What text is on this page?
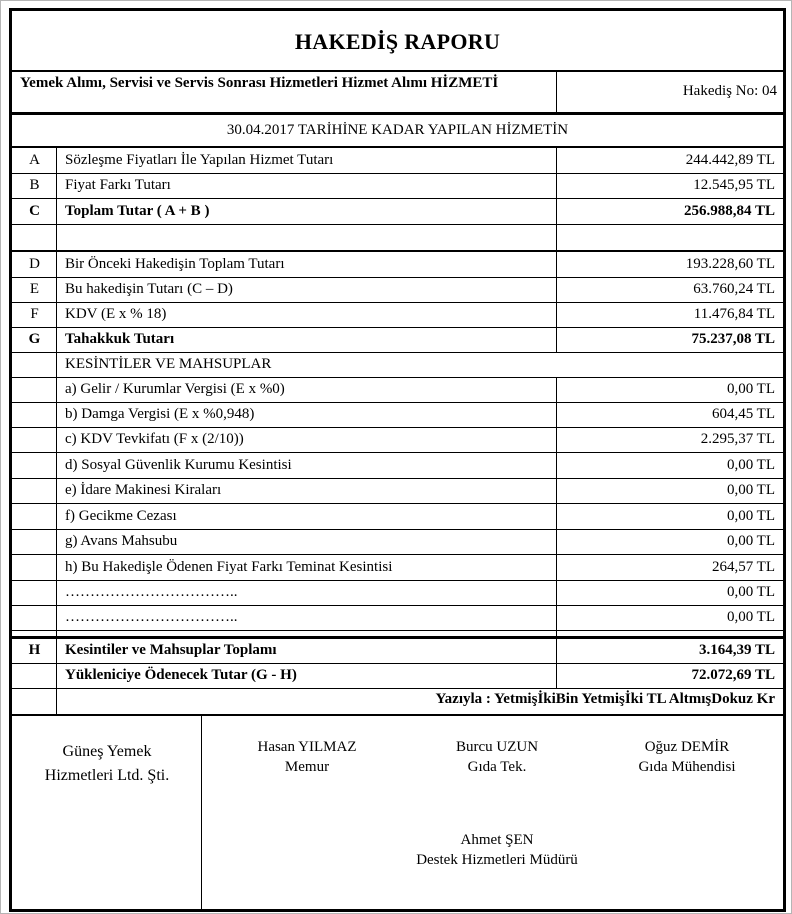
HAKEDİŞ RAPORU
Yemek Alımı, Servisi ve Servis Sonrası Hizmetleri Hizmet Alımı HİZMETİ	Hakediş No: 04
30.04.2017 TARİHİNE KADAR YAPILAN HİZMETİN
A	Sözleşme Fiyatları İle Yapılan Hizmet Tutarı	244.442,89 TL
B	Fiyat Farkı Tutarı	12.545,95 TL
C	Toplam Tutar ( A + B )	256.988,84 TL
D	Bir Önceki Hakedişin Toplam Tutarı	193.228,60 TL
E	Bu hakedişin Tutarı (C – D)	63.760,24 TL
F	KDV (E x % 18)	11.476,84 TL
G	Tahakkuk Tutarı	75.237,08 TL
KESİNTİLER VE MAHSUPLAR
a) Gelir / Kurumlar Vergisi (E x %0)	0,00 TL
b) Damga Vergisi (E x %0,948)	604,45 TL
c) KDV Tevkifatı (F x (2/10))	2.295,37 TL
d) Sosyal Güvenlik Kurumu Kesintisi	0,00 TL
e) İdare Makinesi Kiraları	0,00 TL
f) Gecikme Cezası	0,00 TL
g) Avans Mahsubu	0,00 TL
h) Bu Hakedişle Ödenen Fiyat Farkı Teminat Kesintisi	264,57 TL
……………………………..	0,00 TL
……………………………..	0,00 TL
H	Kesintiler ve Mahsuplar Toplamı	3.164,39 TL
Yükleniciye Ödenecek Tutar (G - H)	72.072,69 TL
Yazıyla : YetmişİkiBin Yetmişİki TL AltmışDokuz Kr
Güneş Yemek
Hizmetleri Ltd. Şti.
Hasan YILMAZ
Memur
Burcu UZUN
Gıda Tek.
Oğuz DEMİR
Gıda Mühendisi
Ahmet ŞEN
Destek Hizmetleri Müdürü
